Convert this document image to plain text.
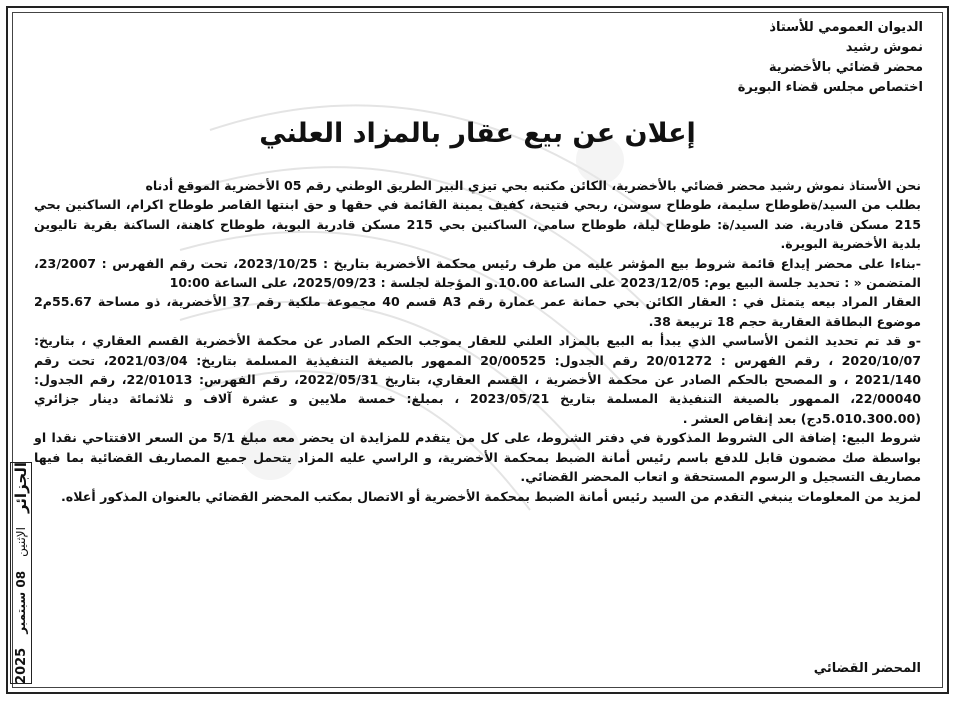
الديوان العمومي للأستاذ
نموش رشيد
محضر قضائي بالأخضرية
اختصاص مجلس قضاء البويرة
إعلان عن بيع عقار بالمزاد العلني

نحن الأستاذ نموش رشيد محضر قضائي بالأخضرية، الكائن مكتبه بحي تيزي البير الطريق الوطني رقم 05 الأخضرية الموقع أدناه

بطلب من السيد/ةطوطاح سليمة، طوطاح سوسن، ربحي فتيحة، كفيف يمينة القائمة في حقها و حق ابنتها القاصر طوطاح اكرام، الساكنين بحي 215 مسكن قادرية. ضد السيد/ة: طوطاح ليلة، طوطاح سامي، الساكنين بحي 215 مسكن قادرية البوية، طوطاح كاهنة، الساكنة بقرية تاليوين بلدية الأخضرية البويرة.

-بناءا على محضر إيداع قائمة شروط بيع المؤشر عليه من طرف رئيس محكمة الأخضرية بتاريخ : 2023/10/25، تحت رقم الفهرس : 23/2007، المتضمن « : تحديد جلسة البيع يوم: 2023/12/05 على الساعة 10.00.و المؤجلة لجلسة : 2025/09/23، على الساعة 10:00

العقار المراد بيعه يتمثل في : العقار الكائن بحي حمانة عمر عمارة رقم A3 قسم 40 مجموعة ملكية رقم 37 الأخضرية، ذو مساحة 55.67م2 موضوع البطاقة العقارية حجم 18 تربيعة 38.

-و قد تم تحديد الثمن الأساسي الذي يبدأ به البيع بالمزاد العلني للعقار بموجب الحكم الصادر عن محكمة الأخضرية القسم العقاري ، بتاريخ: 2020/10/07 ، رقم الفهرس : 20/01272 رقم الجدول: 20/00525 الممهور بالصيغة التنفيذية المسلمة بتاريخ: 2021/03/04، تحت رقم 2021/140 ، و المصحح بالحكم الصادر عن محكمة الأخضرية ، القسم العقاري، بتاريخ 2022/05/31، رقم الفهرس: 22/01013، رقم الجدول: 22/00040، الممهور بالصيغة التنفيذية المسلمة بتاريخ 2023/05/21 ، بمبلغ: خمسة ملايين و عشرة آلاف و ثلاثمائة دينار جزائري (5.010.300.00دج) بعد إنقاص العشر .

شروط البيع: إضافة الى الشروط المذكورة في دفتر الشروط، على كل من يتقدم للمزايدة ان يحضر معه مبلغ 5/1 من السعر الافتتاحي نقدا او بواسطة صك مضمون قابل للدفع باسم رئيس أمانة الضبط بمحكمة الأخضرية، و الراسي عليه المزاد يتحمل جميع المصاريف القضائية بما فيها مصاريف التسجيل و الرسوم المستحقة و اتعاب المحضر القضائي.

لمزيد من المعلومات ينبغي التقدم من السيد رئيس أمانة الضبط بمحكمة الأخضرية أو الاتصال بمكتب المحضر القضائي بالعنوان المذكور أعلاه.

المحضر القضائي
الجزائر
الإثنين
08 سبتمبر
2025
